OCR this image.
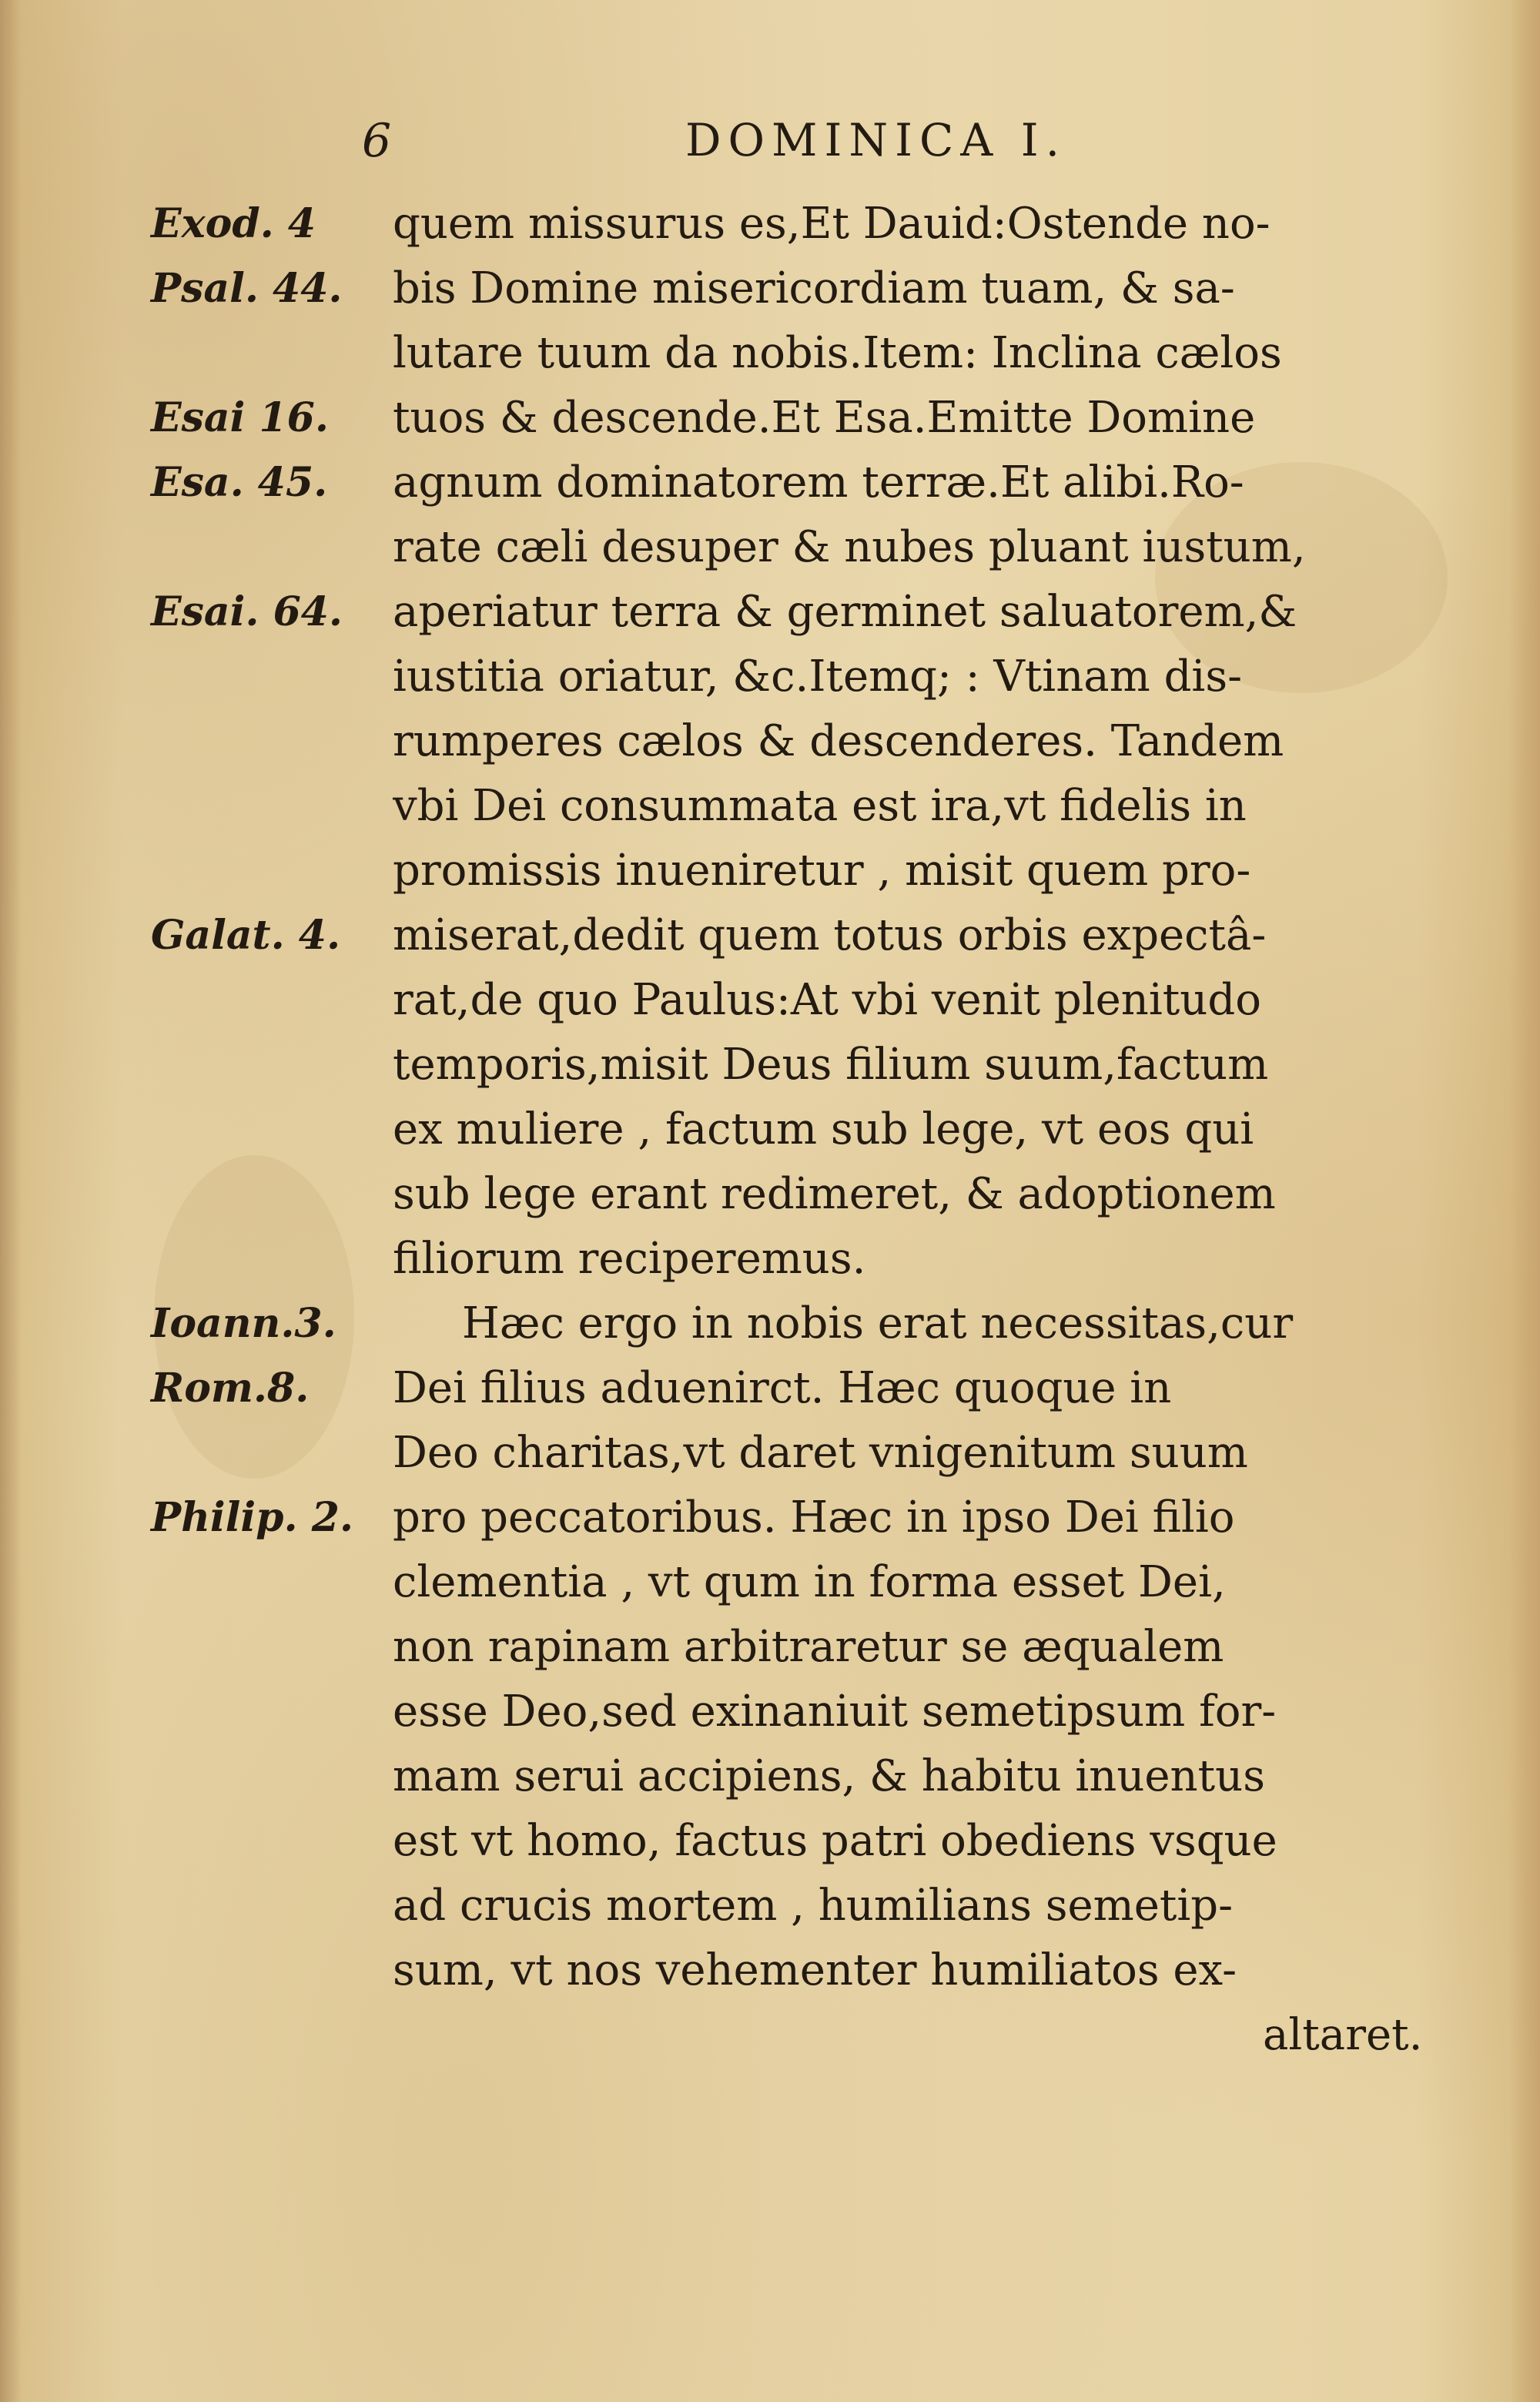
6	DOMINICA I.
Exod. 4
Psal. 44.
Esai 16.
Esa. 45.
Esai. 64.
Galat. 4.
Ioann.3.
Rom.8.
Philip. 2.
quem missurus es,Et Dauid:Ostende no-
bis Domine misericordiam tuam, & sa-
lutare tuum da nobis.Item: Inclina cælos
tuos & descende.Et Esa.Emitte Domine
agnum dominatorem terræ.Et alibi.Ro-
rate cæli desuper & nubes pluant iustum,
aperiatur terra & germinet saluatorem,&
iustitia oriatur, &c.Itemq; : Vtinam dis-
rumperes cælos & descenderes. Tandem
vbi Dei consummata est ira,vt fidelis in
promissis inueniretur , misit quem pro-
miserat,dedit quem totus orbis expectâ-
rat,de quo Paulus:At vbi venit plenitudo
temporis,misit Deus filium suum,factum
ex muliere , factum sub lege, vt eos qui
sub lege erant redimeret, & adoptionem
filiorum reciperemus.
Hæc ergo in nobis erat necessitas,cur
Dei filius aduenirct. Hæc quoque in
Deo charitas,vt daret vnigenitum suum
pro peccatoribus. Hæc in ipso Dei filio
clementia , vt qum in forma esset Dei,
non rapinam arbitraretur se æqualem
esse Deo,sed exinaniuit semetipsum for-
mam serui accipiens, & habitu inuentus
est vt homo, factus patri obediens vsque
ad crucis mortem , humilians semetip-
sum, vt nos vehementer humiliatos ex-
altaret.
